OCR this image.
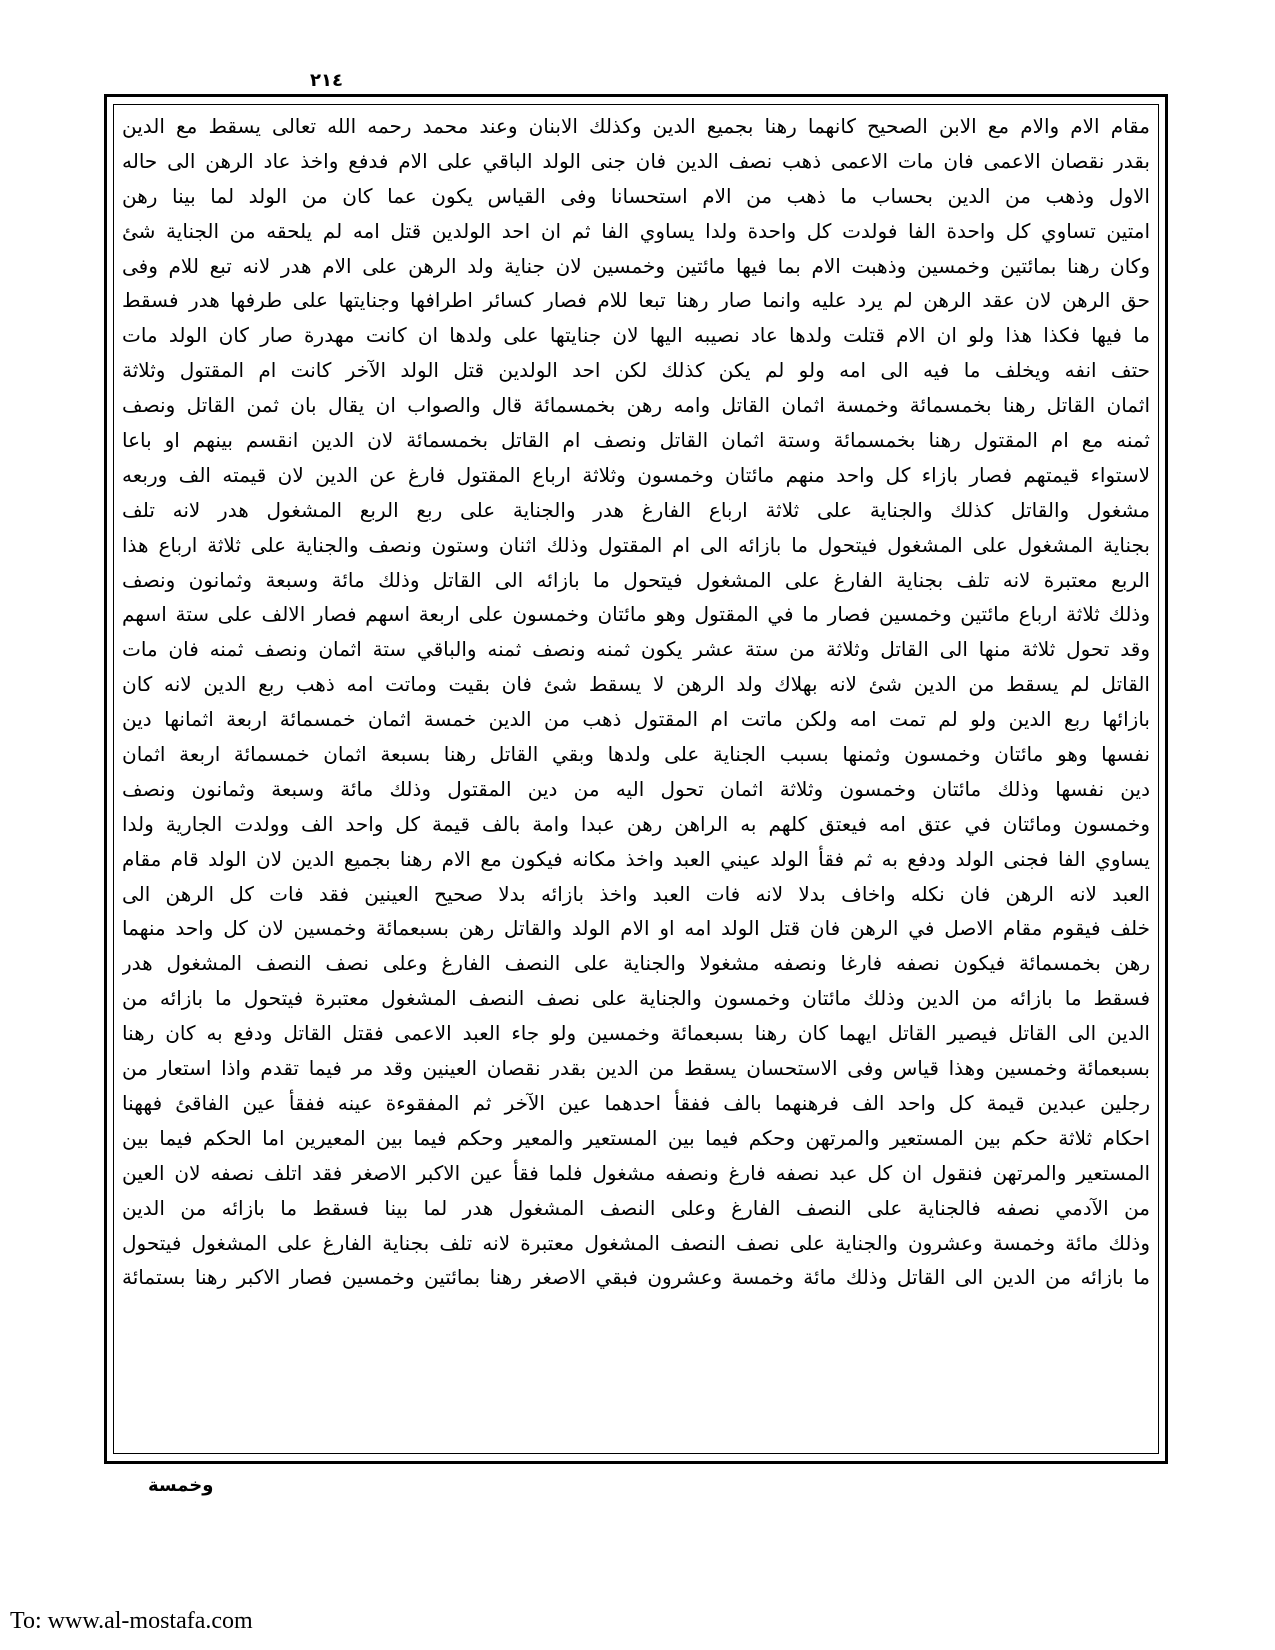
٢١٤

مقام الام والام مع الابن الصحيح كانهما رهنا بجميع الدين وكذلك الابنان وعند محمد رحمه الله تعالى يسقط مع الدين

بقدر نقصان الاعمى فان مات الاعمى ذهب نصف الدين فان جنى الولد الباقي على الام فدفع واخذ عاد الرهن الى حاله

الاول وذهب من الدين بحساب ما ذهب من الام استحسانا وفى القياس يكون عما كان من الولد لما بينا رهن

امتين تساوي كل واحدة الفا فولدت كل واحدة ولدا يساوي الفا ثم ان احد الولدين قتل امه لم يلحقه من الجناية شئ

وكان رهنا بمائتين وخمسين وذهبت الام بما فيها مائتين وخمسين لان جناية ولد الرهن على الام هدر لانه تبع للام وفى

حق الرهن لان عقد الرهن لم يرد عليه وانما صار رهنا تبعا للام فصار كسائر اطرافها وجنايتها على طرفها هدر فسقط

ما فيها فكذا هذا ولو ان الام قتلت ولدها عاد نصيبه اليها لان جنايتها على ولدها ان كانت مهدرة صار كان الولد مات

حتف انفه ويخلف ما فيه الى امه ولو لم يكن كذلك لكن احد الولدين قتل الولد الآخر كانت ام المقتول وثلاثة

اثمان القاتل رهنا بخمسمائة وخمسة اثمان القاتل وامه رهن بخمسمائة قال والصواب ان يقال بان ثمن القاتل ونصف

ثمنه مع ام المقتول رهنا بخمسمائة وستة اثمان القاتل ونصف ام القاتل بخمسمائة لان الدين انقسم بينهم او باعا

لاستواء قيمتهم فصار بازاء كل واحد منهم مائتان وخمسون وثلاثة ارباع المقتول فارغ عن الدين لان قيمته الف وربعه

مشغول والقاتل كذلك والجناية على ثلاثة ارباع الفارغ هدر والجناية على ربع الربع المشغول هدر لانه تلف

بجناية المشغول على المشغول فيتحول ما بازائه الى ام المقتول وذلك اثنان وستون ونصف والجناية على ثلاثة ارباع هذا

الربع معتبرة لانه تلف بجناية الفارغ على المشغول فيتحول ما بازائه الى القاتل وذلك مائة وسبعة وثمانون ونصف

وذلك ثلاثة ارباع مائتين وخمسين فصار ما في المقتول وهو مائتان وخمسون على اربعة اسهم فصار الالف على ستة اسهم

وقد تحول ثلاثة منها الى القاتل وثلاثة من ستة عشر يكون ثمنه ونصف ثمنه والباقي ستة اثمان ونصف ثمنه فان مات

القاتل لم يسقط من الدين شئ لانه بهلاك ولد الرهن لا يسقط شئ فان بقيت وماتت امه ذهب ربع الدين لانه كان

بازائها ربع الدين ولو لم تمت امه ولكن ماتت ام المقتول ذهب من الدين خمسة اثمان خمسمائة اربعة اثمانها دين

نفسها وهو مائتان وخمسون وثمنها بسبب الجناية على ولدها وبقي القاتل رهنا بسبعة اثمان خمسمائة اربعة اثمان

دين نفسها وذلك مائتان وخمسون وثلاثة اثمان تحول اليه من دين المقتول وذلك مائة وسبعة وثمانون ونصف

وخمسون ومائتان في عتق امه فيعتق كلهم به الراهن رهن عبدا وامة بالف قيمة كل واحد الف وولدت الجارية ولدا

يساوي الفا فجنى الولد ودفع به ثم فقأ الولد عيني العبد واخذ مكانه فيكون مع الام رهنا بجميع الدين لان الولد قام مقام

العبد لانه الرهن فان نكله واخاف بدلا لانه فات العبد واخذ بازائه بدلا صحيح العينين فقد فات كل الرهن الى

خلف فيقوم مقام الاصل في الرهن فان قتل الولد امه او الام الولد والقاتل رهن بسبعمائة وخمسين لان كل واحد منهما

رهن بخمسمائة فيكون نصفه فارغا ونصفه مشغولا والجناية على النصف الفارغ وعلى نصف النصف المشغول هدر

فسقط ما بازائه من الدين وذلك مائتان وخمسون والجناية على نصف النصف المشغول معتبرة فيتحول ما بازائه من

الدين الى القاتل فيصير القاتل ايهما كان رهنا بسبعمائة وخمسين ولو جاء العبد الاعمى فقتل القاتل ودفع به كان رهنا

بسبعمائة وخمسين وهذا قياس وفى الاستحسان يسقط من الدين بقدر نقصان العينين وقد مر فيما تقدم واذا استعار من

رجلين عبدين قيمة كل واحد الف فرهنهما بالف ففقأ احدهما عين الآخر ثم المفقوءة عينه ففقأ عين الفاقئ فههنا

احكام ثلاثة حكم بين المستعير والمرتهن وحكم فيما بين المستعير والمعير وحكم فيما بين المعيرين اما الحكم فيما بين

المستعير والمرتهن فنقول ان كل عبد نصفه فارغ ونصفه مشغول فلما فقأ عين الاكبر الاصغر فقد اتلف نصفه لان العين

من الآدمي نصفه فالجناية على النصف الفارغ وعلى النصف المشغول هدر لما بينا فسقط ما بازائه من الدين

وذلك مائة وخمسة وعشرون والجناية على نصف النصف المشغول معتبرة لانه تلف بجناية الفارغ على المشغول فيتحول

ما بازائه من الدين الى القاتل وذلك مائة وخمسة وعشرون فبقي الاصغر رهنا بمائتين وخمسين فصار الاكبر رهنا بستمائة

وخمسة
To: www.al-mostafa.com
